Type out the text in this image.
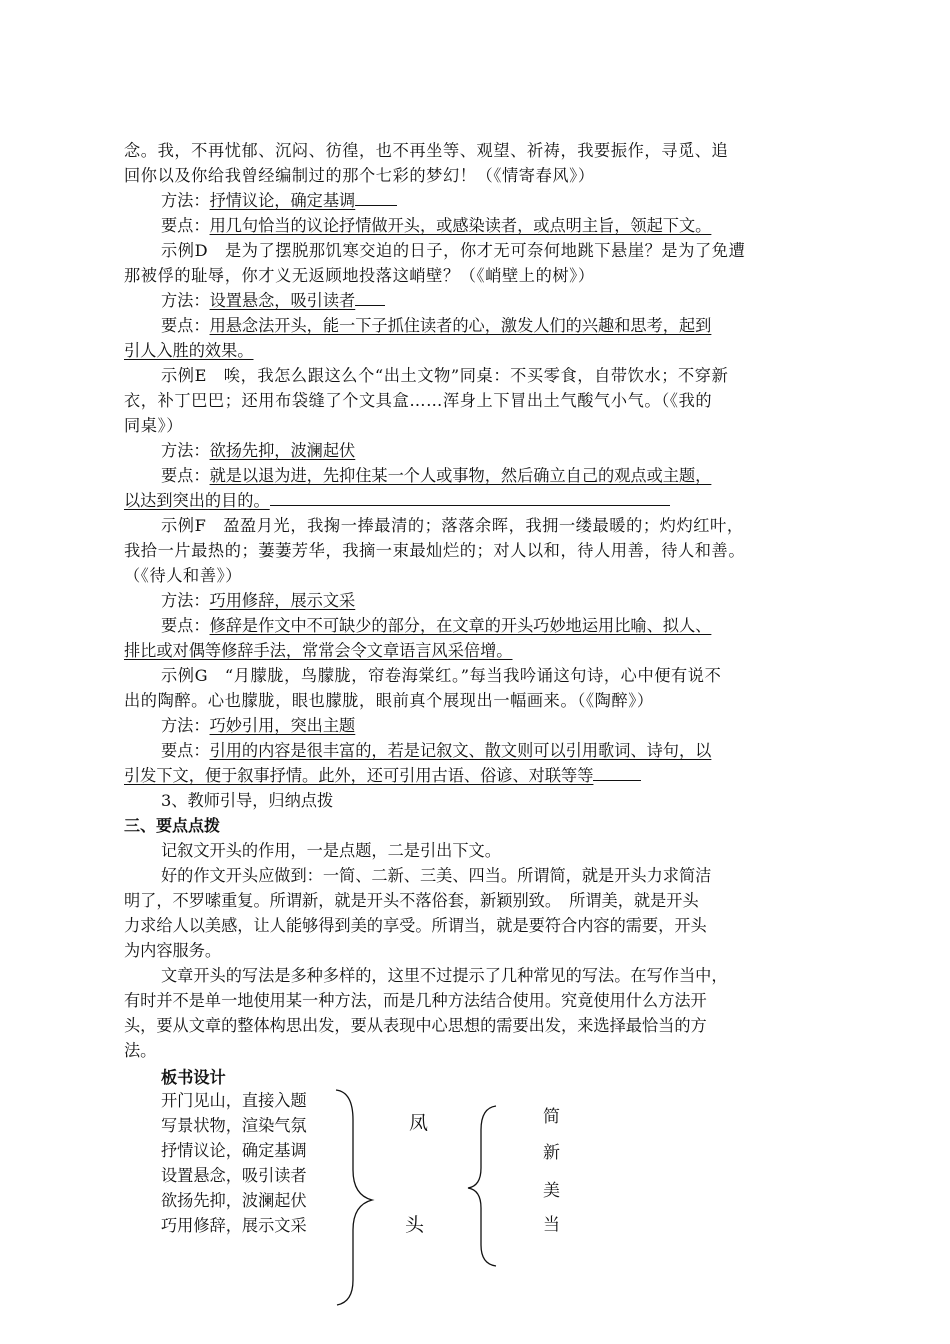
念。我，不再忧郁、沉闷、彷徨，也不再坐等、观望、祈祷，我要振作，寻觅、追
回你以及你给我曾经编制过的那个七彩的梦幻！（《情寄春风》）
方法：抒情议论，确定基调
要点：用几句恰当的议论抒情做开头，或感染读者，或点明主旨，领起下文。
示例D　是为了摆脱那饥寒交迫的日子，你才无可奈何地跳下悬崖？是为了免遭
那被俘的耻辱，你才义无返顾地投落这峭壁？（《峭壁上的树》）
方法：设置悬念，吸引读者
要点：用悬念法开头，能一下子抓住读者的心，激发人们的兴趣和思考，起到
引人入胜的效果。
示例E　唉，我怎么跟这么个“出土文物”同桌：不买零食，自带饮水；不穿新
衣，补丁巴巴；还用布袋缝了个文具盒……浑身上下冒出土气酸气小气。（《我的
同桌》）
方法：欲扬先抑，波澜起伏
要点：就是以退为进，先抑住某一个人或事物，然后确立自己的观点或主题，
以达到突出的目的。
示例F　盈盈月光，我掬一捧最清的；落落余晖，我拥一缕最暖的；灼灼红叶，
我拾一片最热的；萋萋芳华，我摘一束最灿烂的；对人以和，待人用善，待人和善。
（《待人和善》）
方法：巧用修辞，展示文采
要点：修辞是作文中不可缺少的部分，在文章的开头巧妙地运用比喻、拟人、
排比或对偶等修辞手法，常常会令文章语言风采倍增。
示例G　“月朦胧，鸟朦胧，帘卷海棠红。”每当我吟诵这句诗，心中便有说不
出的陶醉。心也朦胧，眼也朦胧，眼前真个展现出一幅画来。（《陶醉》）
方法：巧妙引用，突出主题
要点：引用的内容是很丰富的，若是记叙文、散文则可以引用歌词、诗句，以
引发下文，便于叙事抒情。此外，还可引用古语、俗谚、对联等等
3、教师引导，归纳点拨
三、要点点拨
记叙文开头的作用，一是点题，二是引出下文。
好的作文开头应做到：一简、二新、三美、四当。所谓简，就是开头力求简洁
明了，不罗嗦重复。所谓新，就是开头不落俗套，新颖别致。　所谓美，就是开头
力求给人以美感，让人能够得到美的享受。所谓当，就是要符合内容的需要，开头
为内容服务。
文章开头的写法是多种多样的，这里不过提示了几种常见的写法。在写作当中，
有时并不是单一地使用某一种方法，而是几种方法结合使用。究竟使用什么方法开
头，要从文章的整体构思出发，要从表现中心思想的需要出发，来选择最恰当的方
法。
板书设计
开门见山，直接入题
写景状物，渲染气氛
抒情议论，确定基调
设置悬念，吸引读者
欲扬先抑，波澜起伏
巧用修辞，展示文采
凤
头
简
新
美
当
